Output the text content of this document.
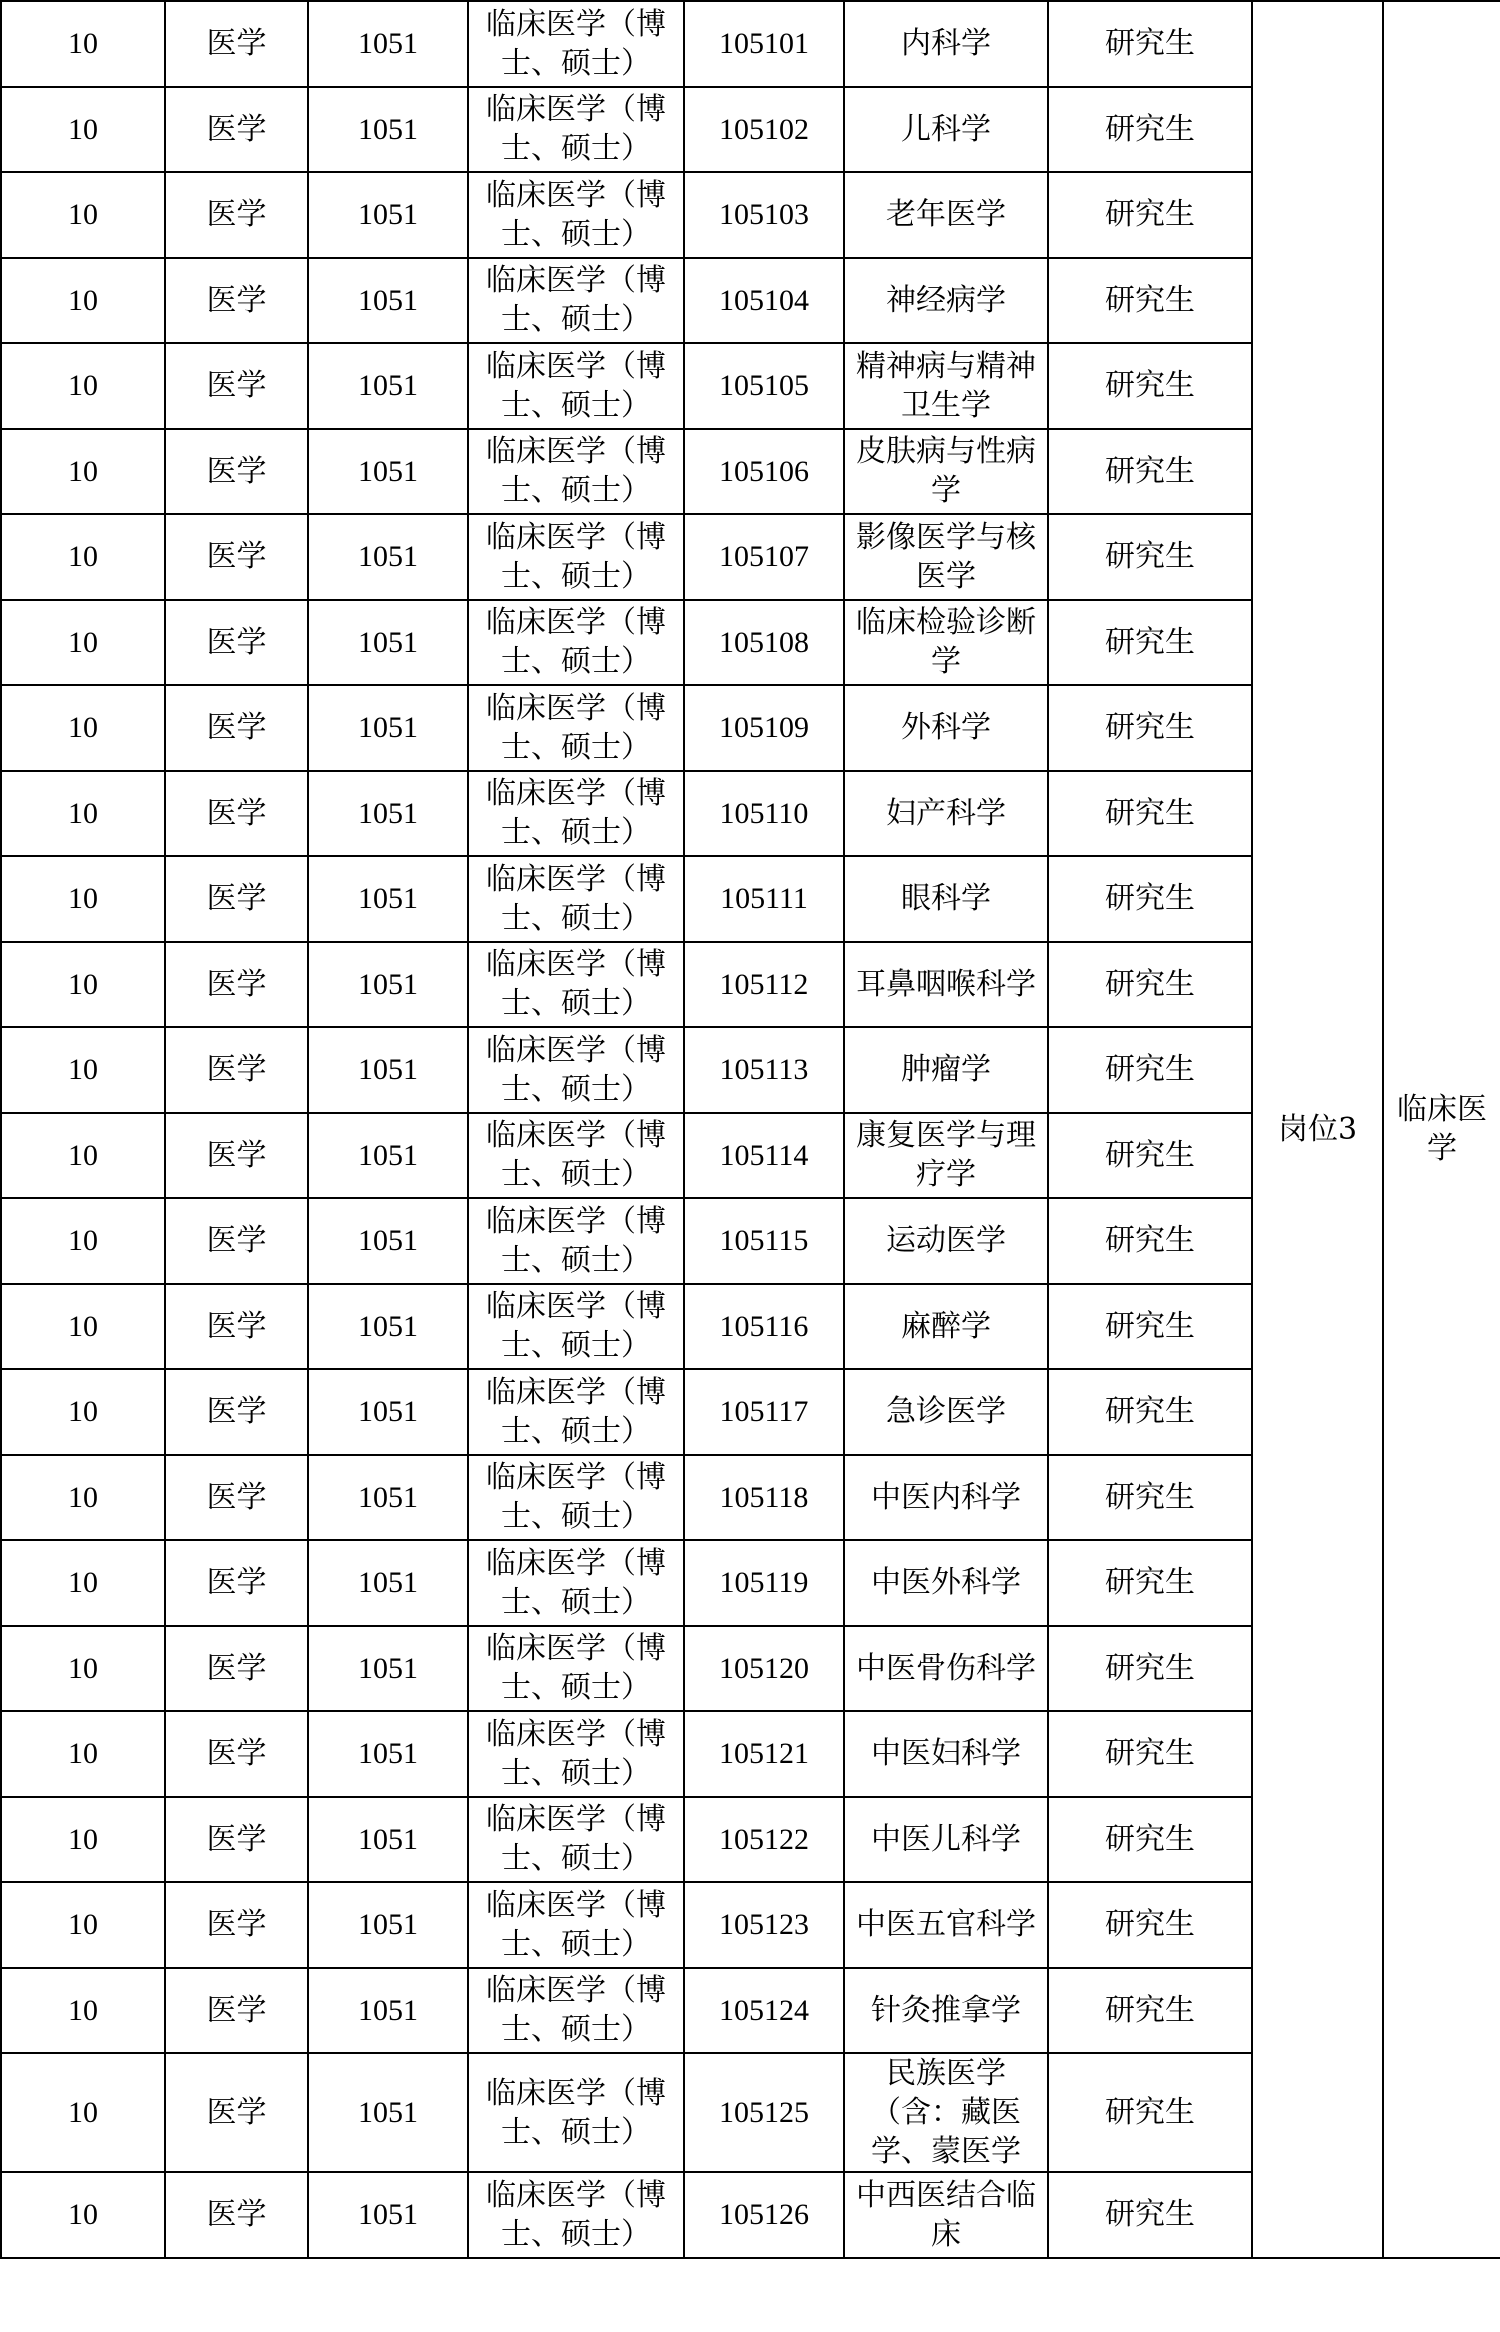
10	医学	1051	临床医学（博士、硕士）	105101	内科学	研究生	岗位3	临床医学
10	医学	1051	临床医学（博士、硕士）	105102	儿科学	研究生		
10	医学	1051	临床医学（博士、硕士）	105103	老年医学	研究生		
10	医学	1051	临床医学（博士、硕士）	105104	神经病学	研究生		
10	医学	1051	临床医学（博士、硕士）	105105	精神病与精神卫生学	研究生		
10	医学	1051	临床医学（博士、硕士）	105106	皮肤病与性病学	研究生		
10	医学	1051	临床医学（博士、硕士）	105107	影像医学与核医学	研究生		
10	医学	1051	临床医学（博士、硕士）	105108	临床检验诊断学	研究生		
10	医学	1051	临床医学（博士、硕士）	105109	外科学	研究生		
10	医学	1051	临床医学（博士、硕士）	105110	妇产科学	研究生		
10	医学	1051	临床医学（博士、硕士）	105111	眼科学	研究生		
10	医学	1051	临床医学（博士、硕士）	105112	耳鼻咽喉科学	研究生		
10	医学	1051	临床医学（博士、硕士）	105113	肿瘤学	研究生		
10	医学	1051	临床医学（博士、硕士）	105114	康复医学与理疗学	研究生		
10	医学	1051	临床医学（博士、硕士）	105115	运动医学	研究生		
10	医学	1051	临床医学（博士、硕士）	105116	麻醉学	研究生		
10	医学	1051	临床医学（博士、硕士）	105117	急诊医学	研究生		
10	医学	1051	临床医学（博士、硕士）	105118	中医内科学	研究生		
10	医学	1051	临床医学（博士、硕士）	105119	中医外科学	研究生		
10	医学	1051	临床医学（博士、硕士）	105120	中医骨伤科学	研究生		
10	医学	1051	临床医学（博士、硕士）	105121	中医妇科学	研究生		
10	医学	1051	临床医学（博士、硕士）	105122	中医儿科学	研究生		
10	医学	1051	临床医学（博士、硕士）	105123	中医五官科学	研究生		
10	医学	1051	临床医学（博士、硕士）	105124	针灸推拿学	研究生		
10	医学	1051	临床医学（博士、硕士）	105125	民族医学（含：藏医学、蒙医学	研究生		
10	医学	1051	临床医学（博士、硕士）	105126	中西医结合临床	研究生		
